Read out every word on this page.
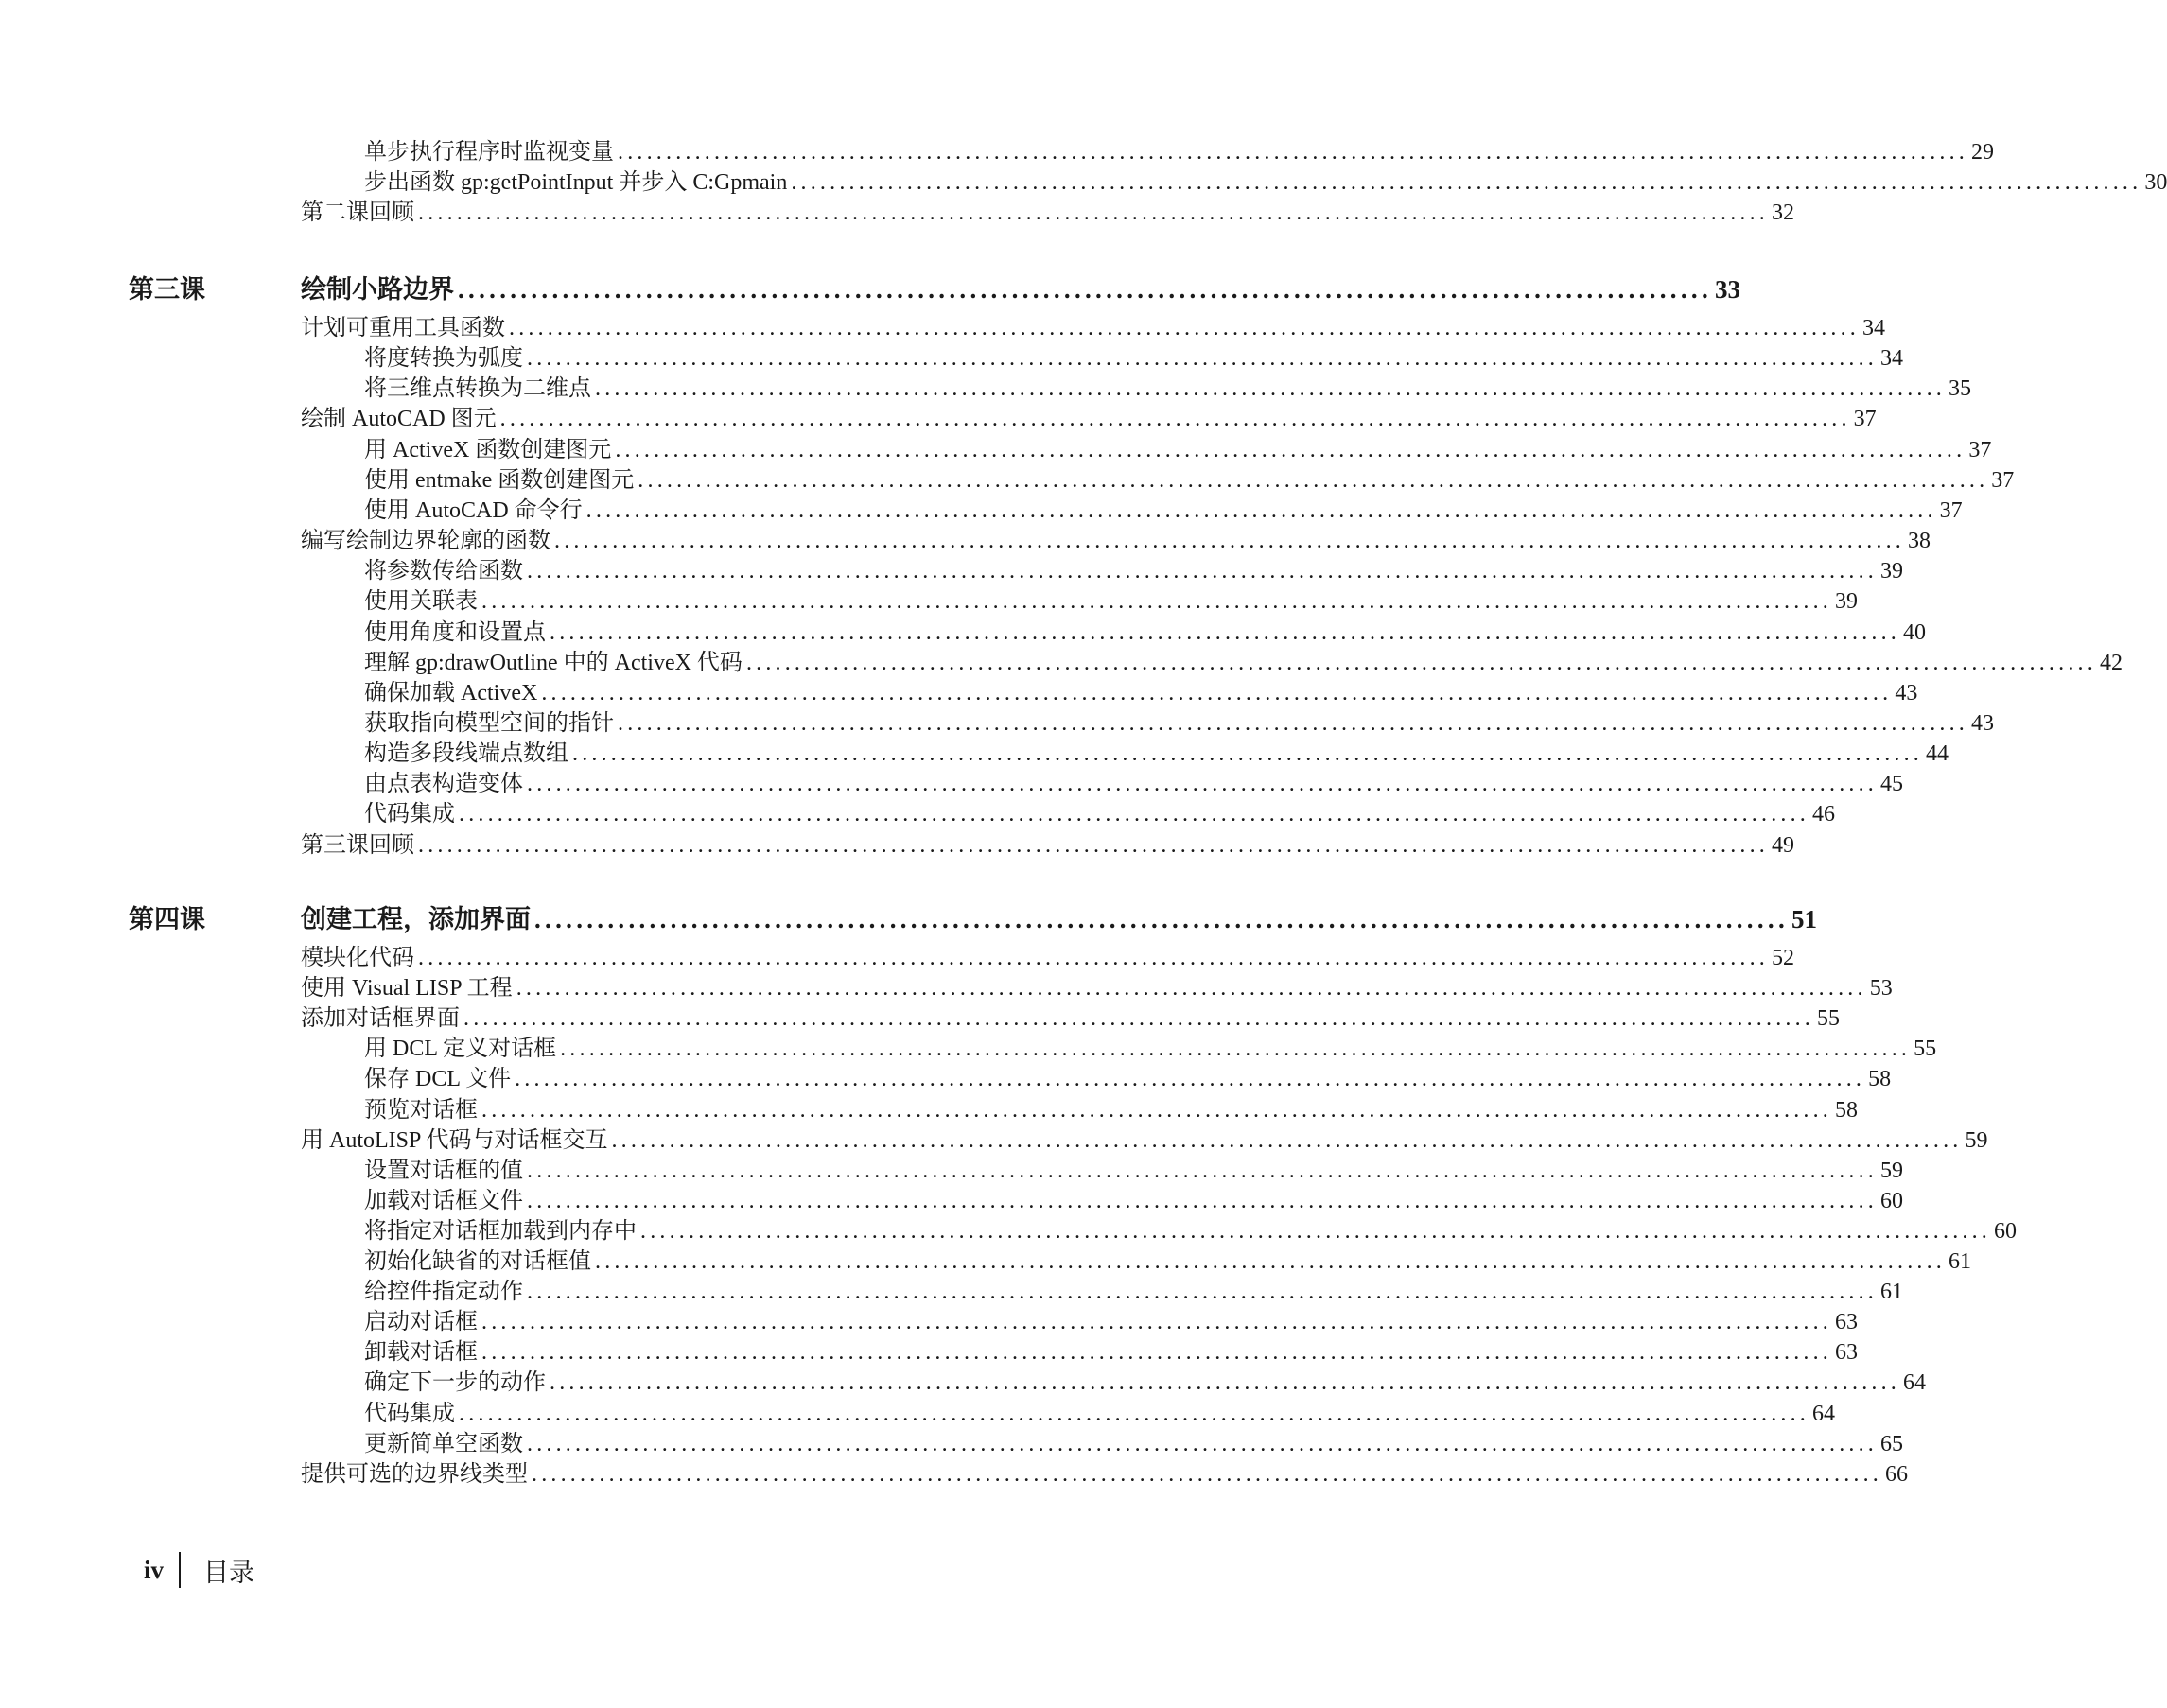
单步执行程序时监视变量 ............................................................................................................................................ 29
步出函数 gp:getPointInput 并步入 C:Gpmain ............................................................................................................................................ 30
第二课回顾 ............................................................................................................................................ 32
第三课	绘制小路边界 ........................................................................................................................ 33
计划可重用工具函数 ............................................................................................................................................ 34
将度转换为弧度 ............................................................................................................................................ 34
将三维点转换为二维点 ............................................................................................................................................ 35
绘制 AutoCAD 图元 ............................................................................................................................................ 37
用 ActiveX 函数创建图元 ............................................................................................................................................ 37
使用 entmake 函数创建图元 ............................................................................................................................................ 37
使用 AutoCAD 命令行 ............................................................................................................................................ 37
编写绘制边界轮廓的函数 ............................................................................................................................................ 38
将参数传给函数 ............................................................................................................................................ 39
使用关联表 ............................................................................................................................................ 39
使用角度和设置点 ............................................................................................................................................ 40
理解 gp:drawOutline 中的 ActiveX 代码 ............................................................................................................................................ 42
确保加载 ActiveX ............................................................................................................................................ 43
获取指向模型空间的指针 ............................................................................................................................................ 43
构造多段线端点数组 ............................................................................................................................................ 44
由点表构造变体 ............................................................................................................................................ 45
代码集成 ............................................................................................................................................ 46
第三课回顾 ............................................................................................................................................ 49
第四课	创建工程，添加界面 ........................................................................................................................ 51
模块化代码 ............................................................................................................................................ 52
使用 Visual LISP 工程 ............................................................................................................................................ 53
添加对话框界面 ............................................................................................................................................ 55
用 DCL 定义对话框 ............................................................................................................................................ 55
保存 DCL 文件 ............................................................................................................................................ 58
预览对话框 ............................................................................................................................................ 58
用 AutoLISP 代码与对话框交互 ............................................................................................................................................ 59
设置对话框的值 ............................................................................................................................................ 59
加载对话框文件 ............................................................................................................................................ 60
将指定对话框加载到内存中 ............................................................................................................................................ 60
初始化缺省的对话框值 ............................................................................................................................................ 61
给控件指定动作 ............................................................................................................................................ 61
启动对话框 ............................................................................................................................................ 63
卸载对话框 ............................................................................................................................................ 63
确定下一步的动作 ............................................................................................................................................ 64
代码集成 ............................................................................................................................................ 64
更新简单空函数 ............................................................................................................................................ 65
提供可选的边界线类型 ............................................................................................................................................ 66
iv 目录
